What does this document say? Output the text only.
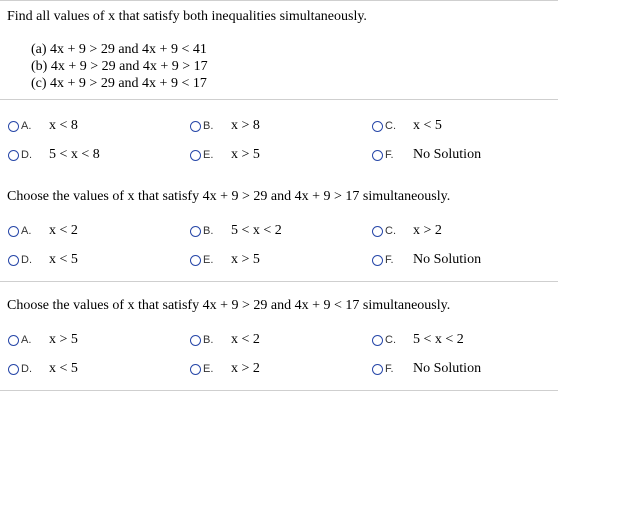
Find all values of x that satisfy both inequalities simultaneously.
(a) 4x + 9 > 29 and 4x + 9 < 41
(b) 4x + 9 > 29 and 4x + 9 > 17
(c) 4x + 9 > 29 and 4x + 9 < 17
A.	x < 8	B.	x > 8	C.	x < 5
D.	5 < x < 8	E.	x > 5	F.	No Solution
Choose the values of x that satisfy 4x + 9 > 29 and 4x + 9 > 17 simultaneously.
A.	x < 2	B.	5 < x < 2	C.	x > 2
D.	x < 5	E.	x > 5	F.	No Solution
Choose the values of x that satisfy 4x + 9 > 29 and 4x + 9 < 17 simultaneously.
A.	x > 5	B.	x < 2	C.	5 < x < 2
D.	x < 5	E.	x > 2	F.	No Solution
